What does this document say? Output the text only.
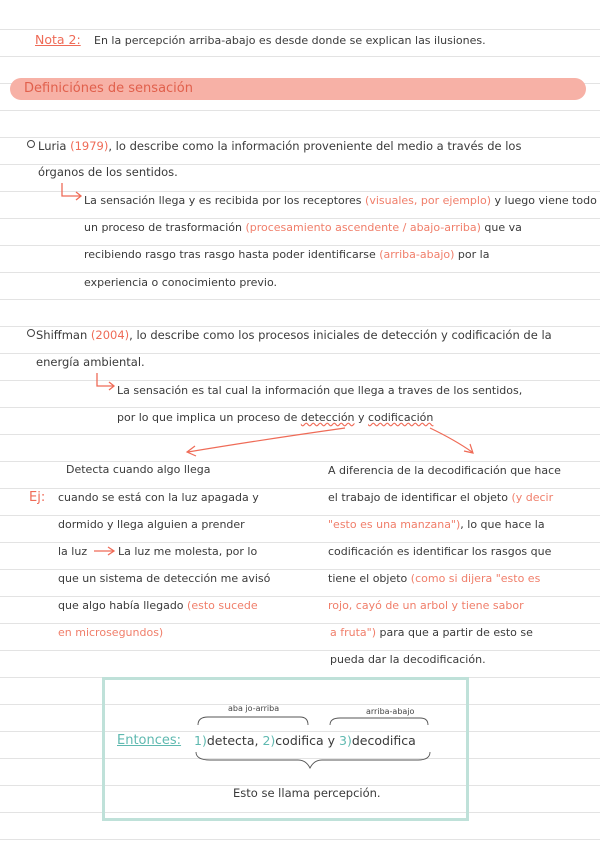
Nota 2: En la percepción arriba-abajo es desde donde se explican las ilusiones.
Definiciónes de sensación
Luria (1979), lo describe como la información proveniente del medio a través de los
órganos de los sentidos.
La sensación llega y es recibida por los receptores (visuales, por ejemplo) y luego viene todo
un proceso de trasformación (procesamiento ascendente / abajo-arriba) que va
recibiendo rasgo tras rasgo hasta poder identificarse (arriba-abajo) por la
experiencia o conocimiento previo.
Shiffman (2004), lo describe como los procesos iniciales de detección y codificación de la
energía ambiental.
La sensación es tal cual la información que llega a traves de los sentidos,
por lo que implica un proceso de detección y codificación
Detecta cuando algo llega
Ej: cuando se está con la luz apagada y
dormido y llega alguien a prender
la luz	La luz me molesta, por lo
que un sistema de detección me avisó
que algo había llegado (esto sucede
en microsegundos)
A diferencia de la decodificación que hace
el trabajo de identificar el objeto (y decir
"esto es una manzana"), lo que hace la
codificación es identificar los rasgos que
tiene el objeto (como si dijera "esto es
rojo, cayó de un arbol y tiene sabor
a fruta") para que a partir de esto se
pueda dar la decodificación.
aba jo-arriba	arriba-abajo
Entonces: 1)detecta, 2)codifica y 3)decodifica
Esto se llama percepción.
